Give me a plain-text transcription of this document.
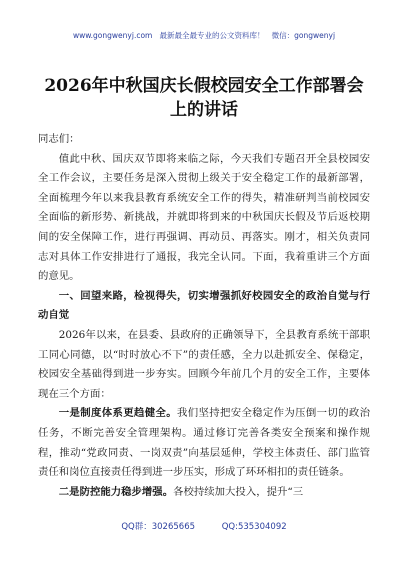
www.gongwenyj.com 最新最全最专业的公文资料库！ 微信：gongwenyj
2026年中秋国庆长假校园安全工作部署会
上的讲话

同志们：

值此中秋、国庆双节即将来临之际，今天我们专题召开全县校园安全工作会议，主要任务是深入贯彻上级关于安全稳定工作的最新部署，全面梳理今年以来我县教育系统安全工作的得失，精准研判当前校园安全面临的新形势、新挑战，并就即将到来的中秋国庆长假及节后返校期间的安全保障工作，进行再强调、再动员、再落实。刚才，相关负责同志对具体工作安排进行了通报，我完全认同。下面，我着重讲三个方面的意见。

一、回望来路，检视得失，切实增强抓好校园安全的政治自觉与行动自觉

2026年以来，在县委、县政府的正确领导下，全县教育系统干部职工同心同德，以“时时放心不下”的责任感，全力以赴抓安全、保稳定，校园安全基础得到进一步夯实。回顾今年前几个月的安全工作，主要体现在三个方面：

一是制度体系更趋健全。我们坚持把安全稳定作为压倒一切的政治任务，不断完善安全管理架构。通过修订完善各类安全预案和操作规程，推动“党政同责、一岗双责”向基层延伸，学校主体责任、部门监管责任和岗位直接责任得到进一步压实，形成了环环相扣的责任链条。

二是防控能力稳步增强。各校持续加大投入，提升“三

QQ群：30265665	QQ:535304092
